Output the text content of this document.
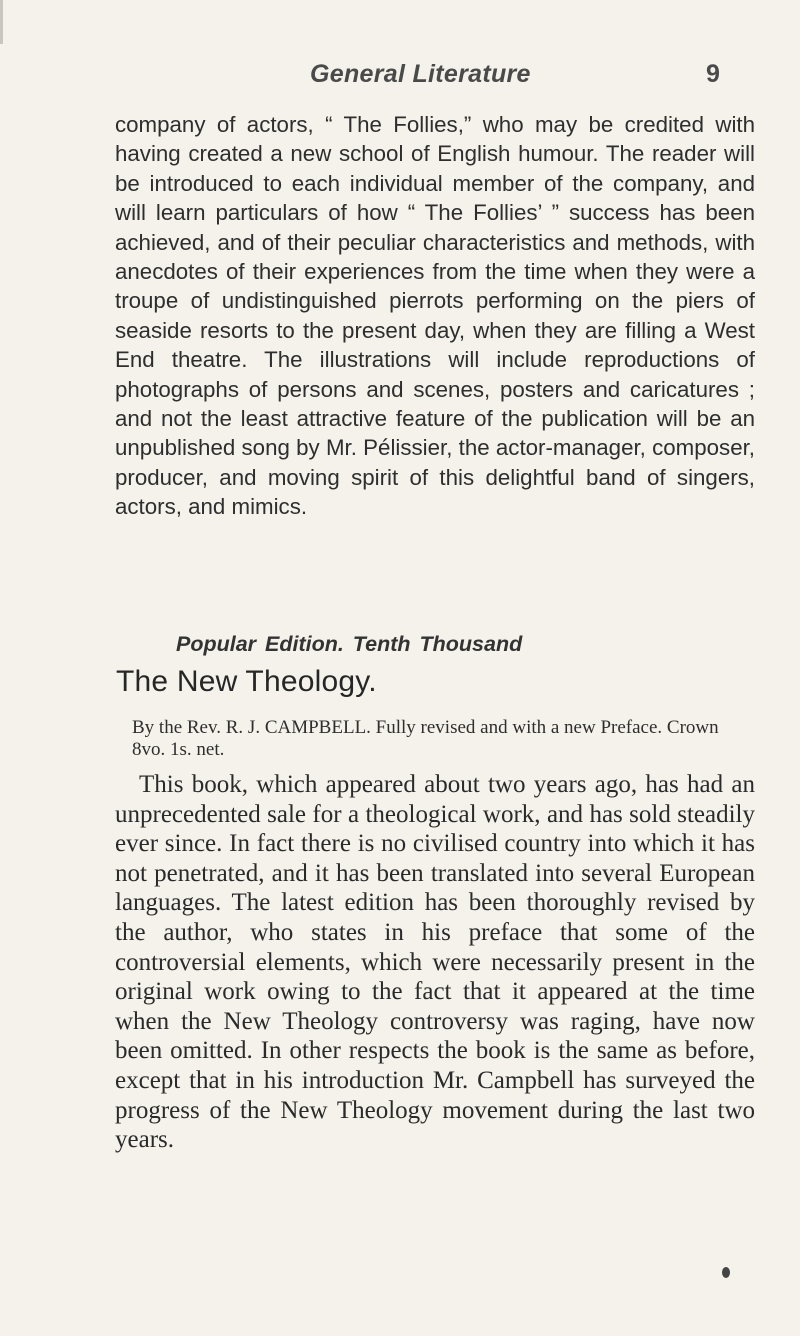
General Literature	9

company of actors, “ The Follies,” who may be credited with having created a new school of English humour. The reader will be introduced to each individual member of the company, and will learn particulars of how “ The Follies’ ” success has been achieved, and of their peculiar characteristics and methods, with anecdotes of their experiences from the time when they were a troupe of undistinguished pierrots performing on the piers of seaside resorts to the present day, when they are filling a West End theatre. The illustrations will include reproductions of photographs of persons and scenes, posters and caricatures ; and not the least attractive feature of the publication will be an unpublished song by Mr. Pélissier, the actor-manager, composer, producer, and moving spirit of this delightful band of singers, actors, and mimics.

Popular Edition. Tenth Thousand
The New Theology.

By the Rev. R. J. CAMPBELL. Fully revised and with a new Preface. Crown 8vo. 1s. net.

This book, which appeared about two years ago, has had an unprecedented sale for a theological work, and has sold steadily ever since. In fact there is no civilised country into which it has not penetrated, and it has been translated into several European languages. The latest edition has been thoroughly revised by the author, who states in his preface that some of the controversial elements, which were necessarily present in the original work owing to the fact that it appeared at the time when the New Theology controversy was raging, have now been omitted. In other respects the book is the same as before, except that in his introduction Mr. Campbell has surveyed the progress of the New Theology movement during the last two years.
